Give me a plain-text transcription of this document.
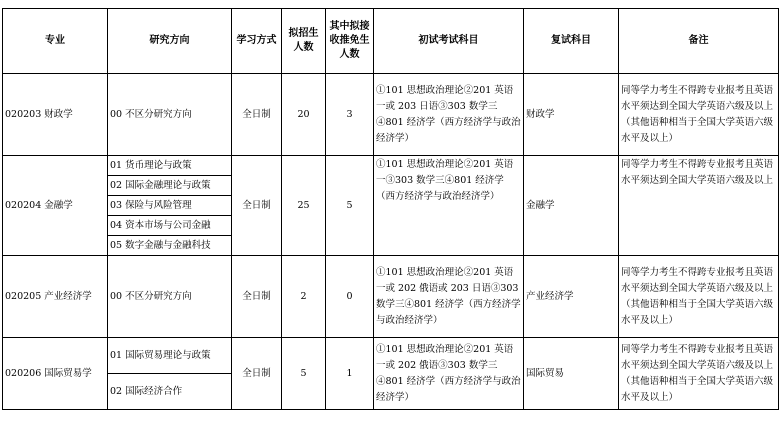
专业	研究方向	学习方式	拟招生人数	其中拟接收推免生人数	初试考试科目	复试科目	备注
020203 财政学	00 不区分研究方向	全日制	20	3	①101 思想政治理论②201 英语一或 203 日语③303 数学三④801 经济学（西方经济学与政治经济学）	财政学	同等学力考生不得跨专业报考且英语水平须达到全国大学英语六级及以上（其他语种相当于全国大学英语六级水平及以上）
020204 金融学	01 货币理论与政策	全日制	25	5	①101 思想政治理论②201 英语一③303 数学三④801 经济学（西方经济学与政治经济学）	金融学	同等学力考生不得跨专业报考且英语水平须达到全国大学英语六级及以上
	02 国际金融理论与政策						
	03 保险与风险管理						
	04 资本市场与公司金融						
	05 数字金融与金融科技						
020205 产业经济学	00 不区分研究方向	全日制	2	0	①101 思想政治理论②201 英语一或 202 俄语或 203 日语③303 数学三④801 经济学（西方经济学与政治经济学）	产业经济学	同等学力考生不得跨专业报考且英语水平须达到全国大学英语六级及以上（其他语种相当于全国大学英语六级水平及以上）
020206 国际贸易学	01 国际贸易理论与政策	全日制	5	1	①101 思想政治理论②201 英语一或 202 俄语③303 数学三④801 经济学（西方经济学与政治经济学）	国际贸易	同等学力考生不得跨专业报考且英语水平须达到全国大学英语六级及以上（其他语种相当于全国大学英语六级水平及以上）
	02 国际经济合作						
